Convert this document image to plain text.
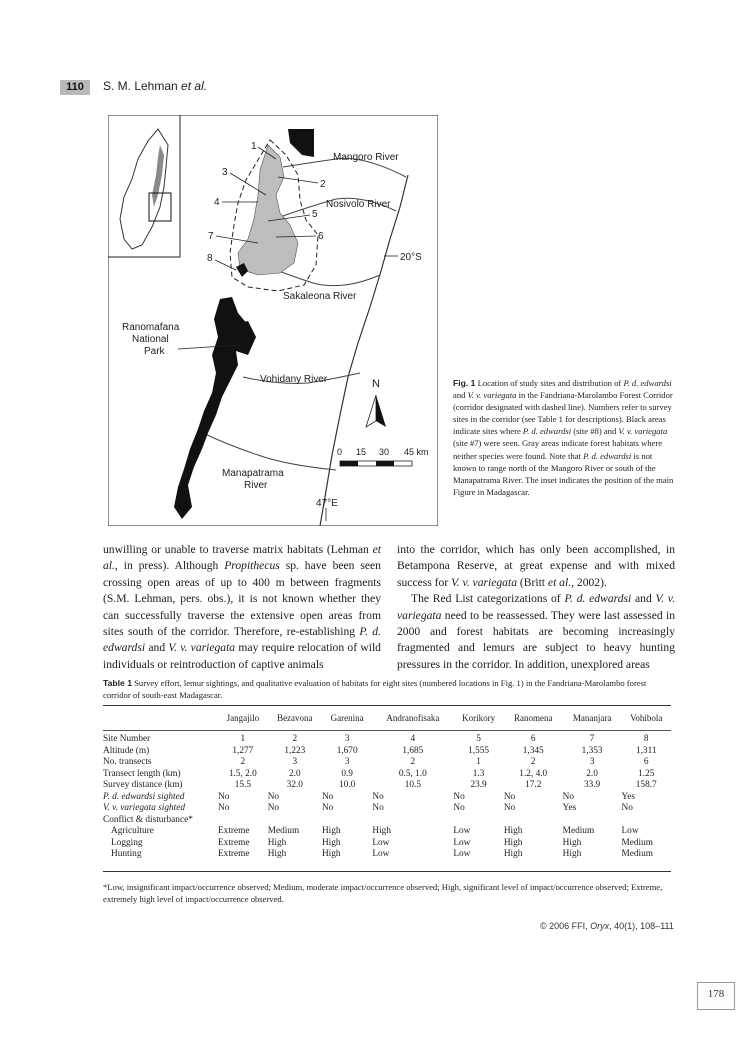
110	S. M. Lehman et al.
Mangoro River
Nosivolo River
Sakaleona River
Vohidany River
Manapatrama
River
Ranomafana
National
Park
20°S
47°E
N
0 15 30 45 km
1
2
3
4
5
6
7
8
Fig. 1 Location of study sites and distribution of P. d. edwardsi and V. v. variegata in the Fandriana-Marolambo Forest Corridor (corridor designated with dashed line). Numbers refer to survey sites in the corridor (see Table 1 for descriptions). Black areas indicate sites where P. d. edwardsi (site #8) and V. v. variegata (site #7) were seen. Gray areas indicate forest habitats where neither species were found. Note that P. d. edwardsi is not known to range north of the Mangoro River or south of the Manapatrama River. The inset indicates the position of the main Figure in Madagascar.

unwilling or unable to traverse matrix habitats (Lehman et al., in press). Although Propithecus sp. have been seen crossing open areas of up to 400 m between fragments (S.M. Lehman, pers. obs.), it is not known whether they can successfully traverse the extensive open areas from sites south of the corridor. Therefore, re-establishing P. d. edwardsi and V. v. variegata may require relocation of wild individuals or reintroduction of captive animals

into the corridor, which has only been accomplished, in Betampona Reserve, at great expense and with mixed success for V. v. variegata (Britt et al., 2002).

The Red List categorizations of P. d. edwardsi and V. v. variegata need to be reassessed. They were last assessed in 2000 and forest habitats are becoming increasingly fragmented and lemurs are subject to heavy hunting pressures in the corridor. In addition, unexplored areas

Table 1 Survey effort, lemur sightings, and qualitative evaluation of habitats for eight sites (numbered locations in Fig. 1) in the Fandriana-Marolambo forest corridor of south-east Madagascar.
	Jangajilo	Bezavona	Garenina	Andranofisaka	Korikory	Ranomena	Mananjara	Vohibola
Site Number	1	2	3	4	5	6	7	8
Altitude (m)	1,277	1,223	1,670	1,685	1,555	1,345	1,353	1,311
No. transects	2	3	3	2	1	2	3	6
Transect length (km)	1.5, 2.0	2.0	0.9	0.5, 1.0	1.3	1.2, 4.0	2.0	1.25
Survey distance (km)	15.5	32.0	10.0	10.5	23.9	17.2	33.9	158.7
P. d. edwardsi sighted	No	No	No	No	No	No	No	Yes
V. v. variegata sighted	No	No	No	No	No	No	Yes	No
Conflict & disturbance*								
Agriculture	Extreme	Medium	High	High	Low	High	Medium	Low
Logging	Extreme	High	High	Low	Low	High	High	Medium
Hunting	Extreme	High	High	Low	Low	High	High	Medium
*Low, insignificant impact/occurrence observed; Medium, moderate impact/occurrence observed; High, significant level of impact/occurrence observed; Extreme, extremely high level of impact/occurrence observed.
© 2006 FFI, Oryx, 40(1), 108–111
178
